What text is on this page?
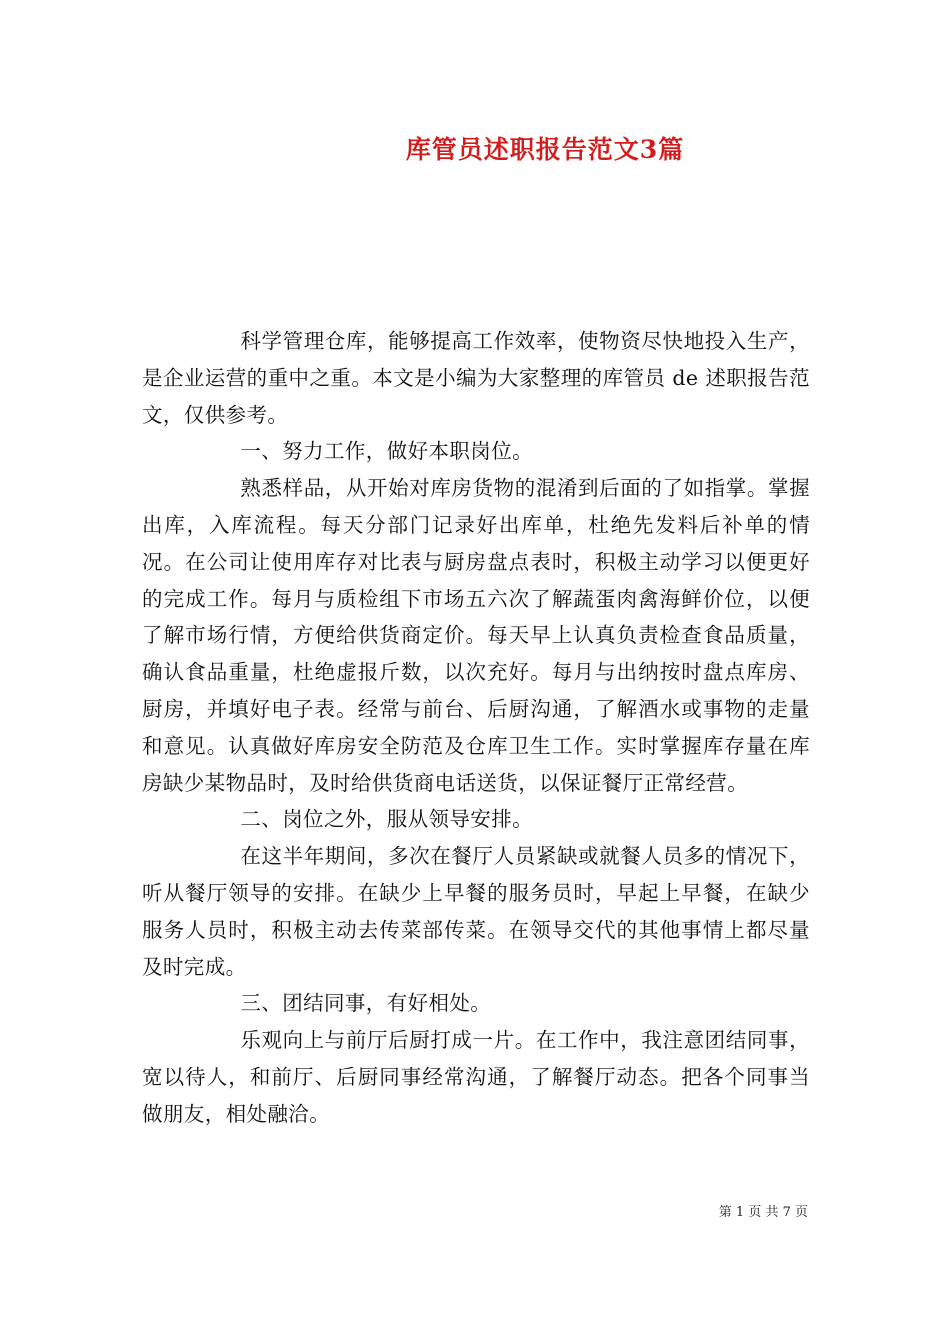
库管员述职报告范文3篇

科学管理仓库，能够提高工作效率，使物资尽快地投入生产，是企业运营的重中之重。本文是小编为大家整理的库管员 de 述职报告范文，仅供参考。

一、努力工作，做好本职岗位。

熟悉样品，从开始对库房货物的混淆到后面的了如指掌。掌握出库，入库流程。每天分部门记录好出库单，杜绝先发料后补单的情况。在公司让使用库存对比表与厨房盘点表时，积极主动学习以便更好的完成工作。每月与质检组下市场五六次了解蔬蛋肉禽海鲜价位，以便了解市场行情，方便给供货商定价。每天早上认真负责检查食品质量，确认食品重量，杜绝虚报斤数，以次充好。每月与出纳按时盘点库房、厨房，并填好电子表。经常与前台、后厨沟通，了解酒水或事物的走量和意见。认真做好库房安全防范及仓库卫生工作。实时掌握库存量在库房缺少某物品时，及时给供货商电话送货，以保证餐厅正常经营。

二、岗位之外，服从领导安排。

在这半年期间，多次在餐厅人员紧缺或就餐人员多的情况下，听从餐厅领导的安排。在缺少上早餐的服务员时，早起上早餐，在缺少服务人员时，积极主动去传菜部传菜。在领导交代的其他事情上都尽量及时完成。

三、团结同事，有好相处。

乐观向上与前厅后厨打成一片。在工作中，我注意团结同事，宽以待人，和前厅、后厨同事经常沟通，了解餐厅动态。把各个同事当做朋友，相处融洽。

第 1 页 共 7 页
